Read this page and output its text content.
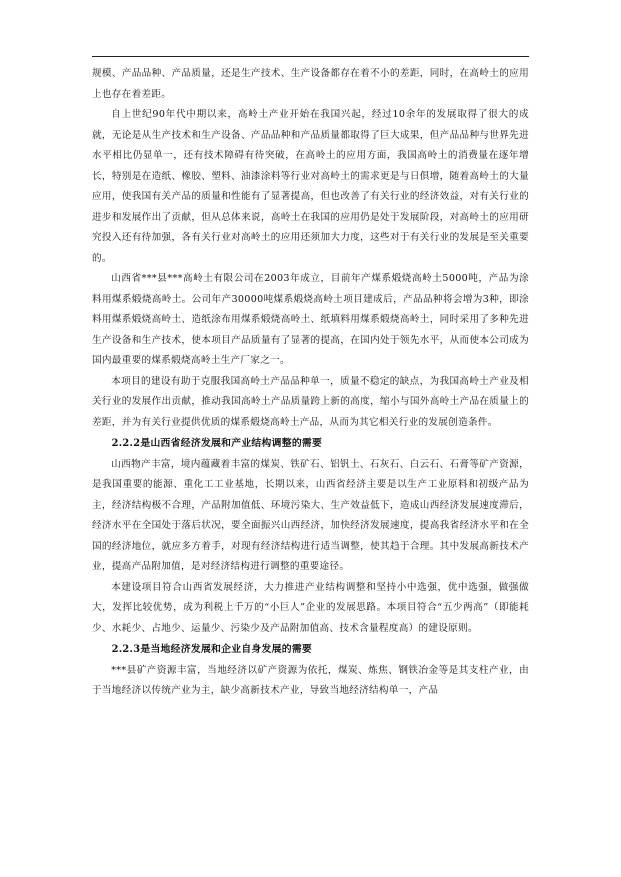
规模、产品品种、产品质量，还是生产技术、生产设备都存在着不小的差距，同时，在高岭土的应用上也存在着差距。

自上世纪90年代中期以来，高岭土产业开始在我国兴起，经过10余年的发展取得了很大的成就，无论是从生产技术和生产设备、产品品种和产品质量都取得了巨大成果，但产品品种与世界先进水平相比仍显单一，还有技术障碍有待突破，在高岭土的应用方面，我国高岭土的消费量在逐年增长，特别是在造纸、橡胶、塑料、油漆涂料等行业对高岭土的需求更是与日俱增，随着高岭土的大量应用，使我国有关产品的质量和性能有了显著提高，但也改善了有关行业的经济效益，对有关行业的进步和发展作出了贡献，但从总体来说，高岭土在我国的应用仍是处于发展阶段，对高岭土的应用研究投入还有待加强，各有关行业对高岭土的应用还须加大力度，这些对于有关行业的发展是至关重要的。

山西省***县***高岭土有限公司在2003年成立，目前年产煤系煅烧高岭土5000吨，产品为涂料用煤系煅烧高岭土。公司年产30000吨煤系煅烧高岭土项目建成后，产品品种将会增为3种，即涂料用煤系煅烧高岭土、造纸涂布用煤系煅烧高岭土、纸填料用煤系煅烧高岭土，同时采用了多种先进生产设备和生产技术，使本项目产品质量有了显著的提高，在国内处于领先水平，从而使本公司成为国内最重要的煤系煅烧高岭土生产厂家之一。

本项目的建设有助于克服我国高岭土产品品种单一，质量不稳定的缺点，为我国高岭土产业及相关行业的发展作出贡献，推动我国高岭土产品质量跨上新的高度，缩小与国外高岭土产品在质量上的差距，并为有关行业提供优质的煤系煅烧高岭土产品，从而为其它相关行业的发展创造条件。

2.2.2是山西省经济发展和产业结构调整的需要

山西物产丰富，境内蕴藏着丰富的煤炭、铁矿石、铝钒土、石灰石、白云石、石膏等矿产资源，是我国重要的能源、重化工工业基地，长期以来，山西省经济主要是以生产工业原料和初级产品为主，经济结构极不合理，产品附加值低、环境污染大、生产效益低下，造成山西经济发展速度滞后，经济水平在全国处于落后状况，要全面振兴山西经济，加快经济发展速度，提高我省经济水平和在全国的经济地位，就应多方着手，对现有经济结构进行适当调整，使其趋于合理。其中发展高新技术产业，提高产品附加值，是对经济结构进行调整的重要途径。

本建设项目符合山西省发展经济，大力推进产业结构调整和坚持小中选强，优中选强，做强做大，发挥比较优势，成为利税上千万的“小巨人”企业的发展思路。本项目符合“五少两高”（即能耗少、水耗少、占地少、运量少、污染少及产品附加值高、技术含量程度高）的建设原则。

2.2.3是当地经济发展和企业自身发展的需要

***县矿产资源丰富，当地经济以矿产资源为依托，煤炭、炼焦、钢铁冶金等是其支柱产业，由于当地经济以传统产业为主，缺少高新技术产业，导致当地经济结构单一，产品
